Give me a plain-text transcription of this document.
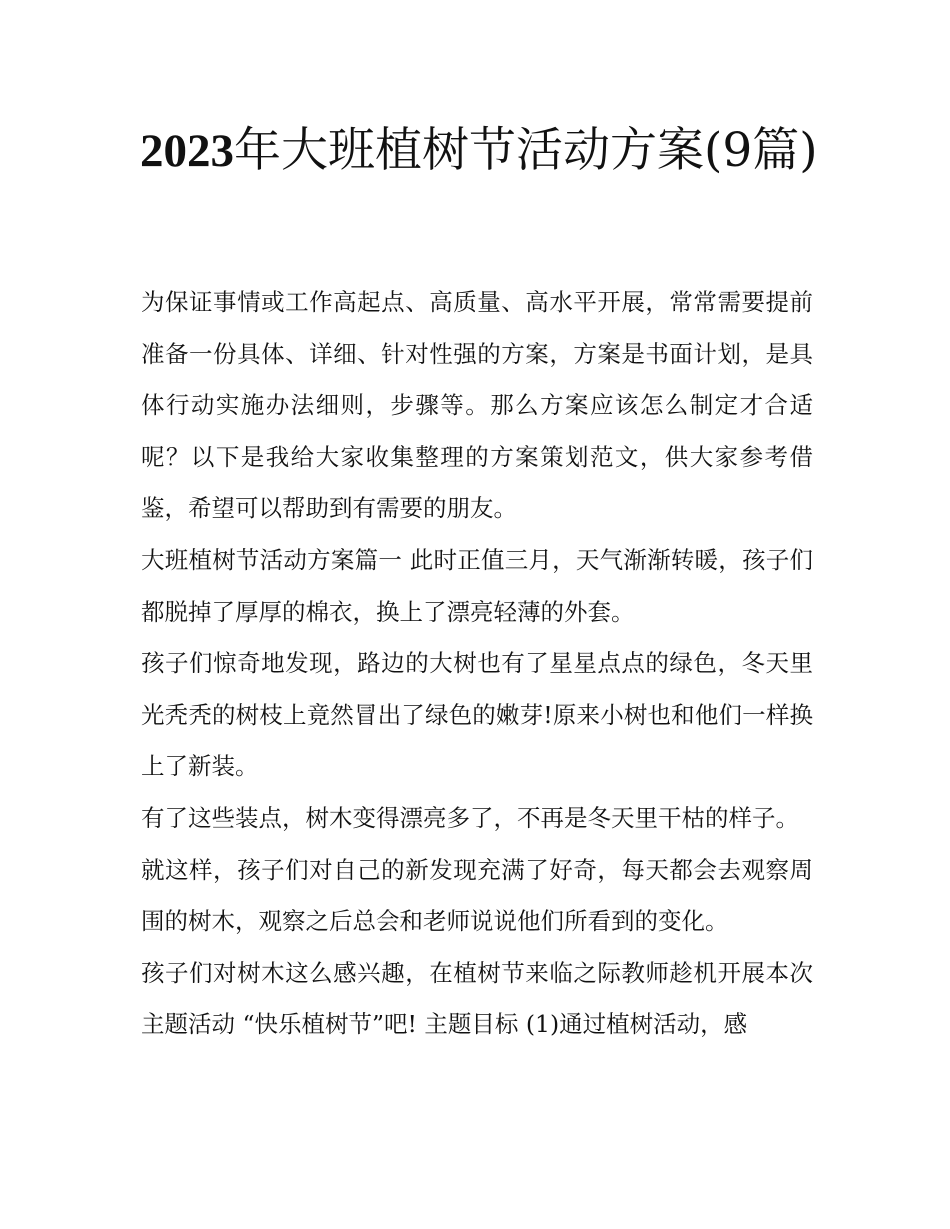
2023年大班植树节活动方案(9篇)

为保证事情或工作高起点、高质量、高水平开展，常常需要提前准备一份具体、详细、针对性强的方案，方案是书面计划，是具体行动实施办法细则，步骤等。那么方案应该怎么制定才合适呢？以下是我给大家收集整理的方案策划范文，供大家参考借鉴，希望可以帮助到有需要的朋友。

大班植树节活动方案篇一 此时正值三月，天气渐渐转暖，孩子们都脱掉了厚厚的棉衣，换上了漂亮轻薄的外套。

孩子们惊奇地发现，路边的大树也有了星星点点的绿色，冬天里光秃秃的树枝上竟然冒出了绿色的嫩芽!原来小树也和他们一样换上了新装。

有了这些装点，树木变得漂亮多了，不再是冬天里干枯的样子。

就这样，孩子们对自己的新发现充满了好奇，每天都会去观察周围的树木，观察之后总会和老师说说他们所看到的变化。

孩子们对树木这么感兴趣，在植树节来临之际教师趁机开展本次主题活动 “快乐植树节”吧! 主题目标 (1)通过植树活动，感
